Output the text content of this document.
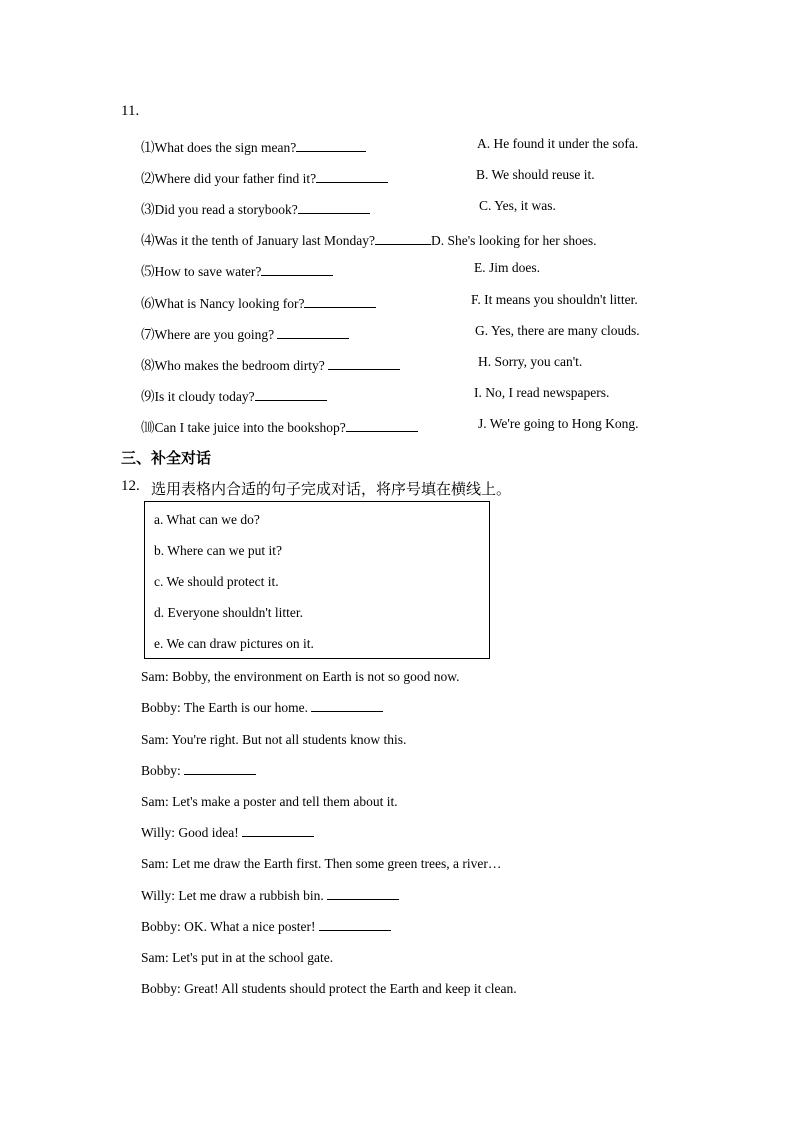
11.
⑴What does the sign mean?	A. He found it under the sofa.
⑵Where did your father find it?	B. We should reuse it.
⑶Did you read a storybook?	C. Yes, it was.
⑷Was it the tenth of January last Monday?	D. She's looking for her shoes.
⑸How to save water?	E. Jim does.
⑹What is Nancy looking for?	F. It means you shouldn't litter.
⑺Where are you going?	G. Yes, there are many clouds.
⑻Who makes the bedroom dirty?	H. Sorry, you can't.
⑼Is it cloudy today?	I. No, I read newspapers.
⑽Can I take juice into the bookshop?	J. We're going to Hong Kong.
三、补全对话
12. 选用表格内合适的句子完成对话，将序号填在横线上。
a. What can we do?
b. Where can we put it?
c. We should protect it.
d. Everyone shouldn't litter.
e. We can draw pictures on it.
Sam: Bobby, the environment on Earth is not so good now.
Bobby: The Earth is our home.
Sam: You're right. But not all students know this.
Bobby:
Sam: Let's make a poster and tell them about it.
Willy: Good idea!
Sam: Let me draw the Earth first. Then some green trees, a river…
Willy: Let me draw a rubbish bin.
Bobby: OK. What a nice poster!
Sam: Let's put in at the school gate.
Bobby: Great! All students should protect the Earth and keep it clean.
